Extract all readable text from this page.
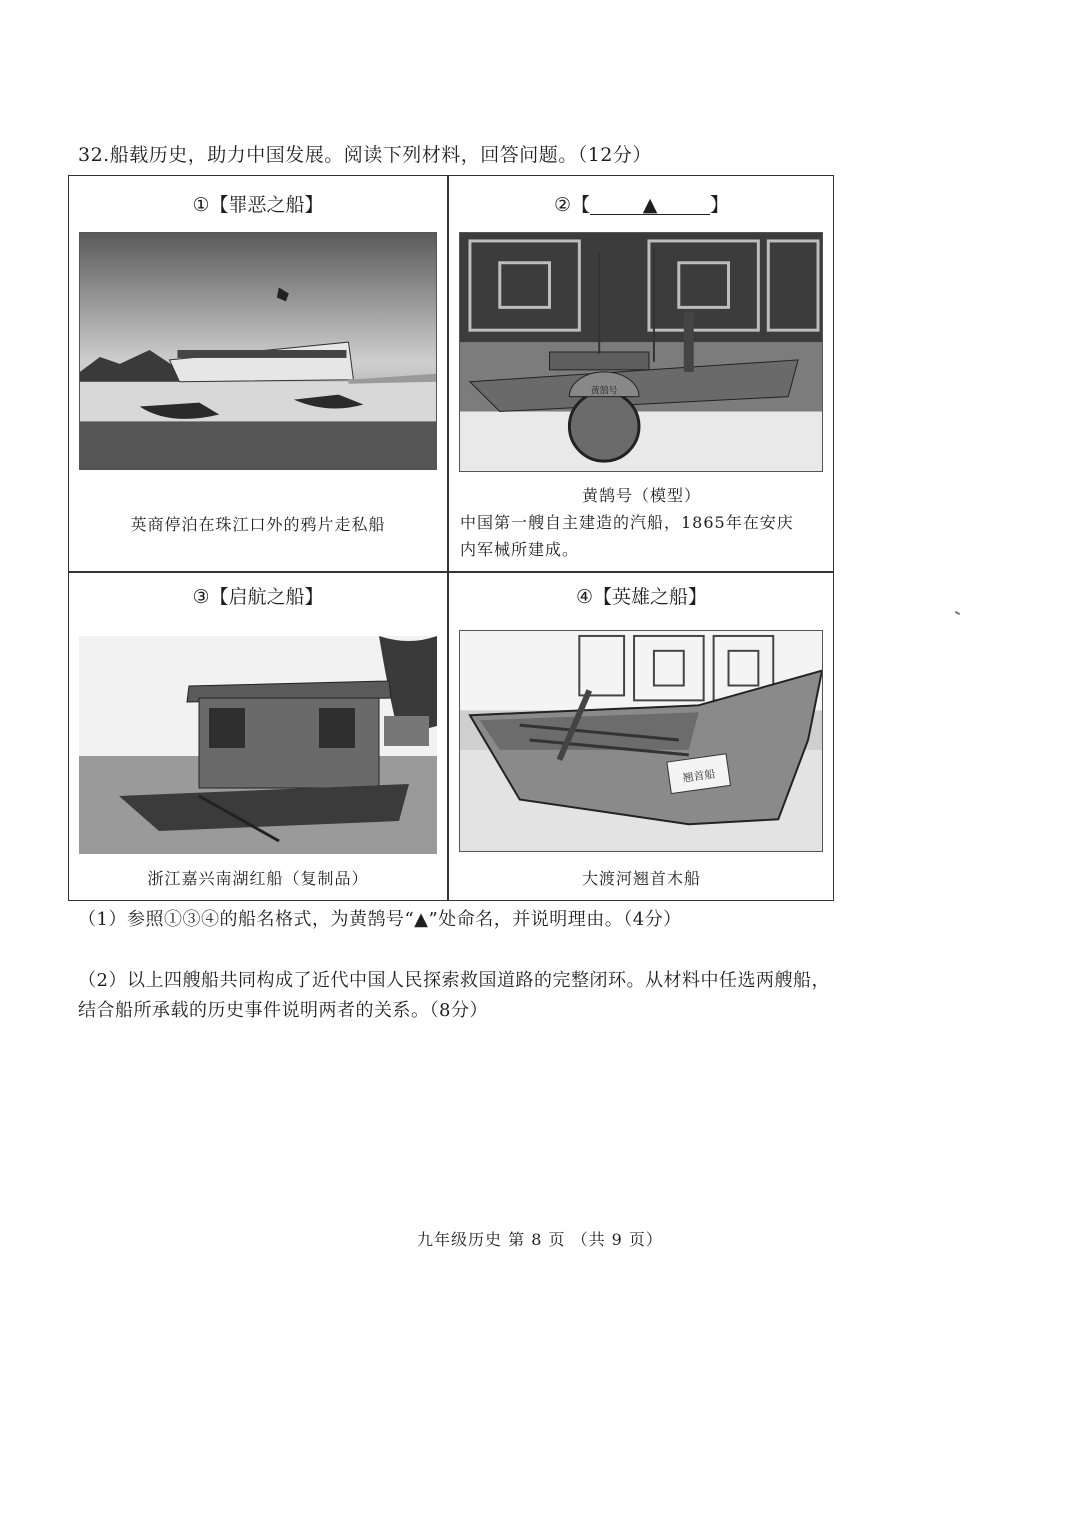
32.船载历史，助力中国发展。阅读下列材料，回答问题。（12分）
①【罪恶之船】
英商停泊在珠江口外的鸦片走私船
②【	▲	】
黄鹄号
黄鹄号（模型）
中国第一艘自主建造的汽船，1865年在安庆
内军械所建成。
③【启航之船】
浙江嘉兴南湖红船（复制品）
④【英雄之船】
翘首船
大渡河翘首木船
（1）参照①③④的船名格式，为黄鹄号“▲”处命名，并说明理由。（4分）
（2）以上四艘船共同构成了近代中国人民探索救国道路的完整闭环。从材料中任选两艘船，
结合船所承载的历史事件说明两者的关系。（8分）
九年级历史 第 8 页 （共 9 页）
